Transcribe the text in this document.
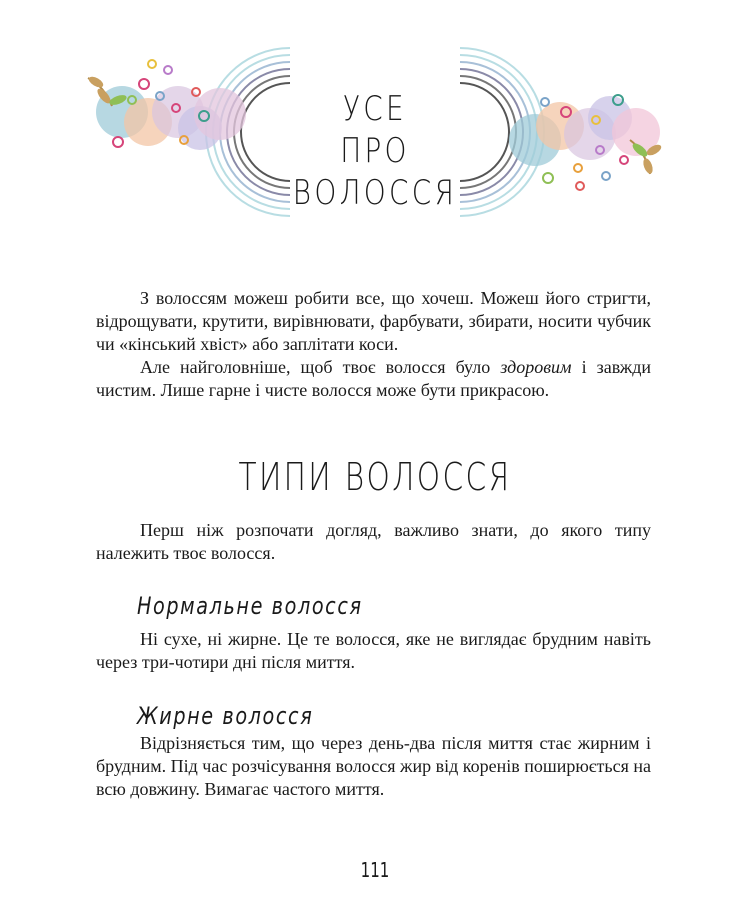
УСЕ
ПРО ВОЛОССЯ

З волоссям можеш робити все, що хочеш. Можеш його стригти, відрощувати, крутити, вирівнювати, фарбувати, збирати, носити чубчик чи «кінський хвіст» або заплітати коси.

Але найголовніше, щоб твоє волосся було здоровим і завжди чистим. Лише гарне і чисте волосся може бути прикрасою.

ТИПИ ВОЛОССЯ

Перш ніж розпочати догляд, важливо знати, до якого типу належить твоє волосся.

Нормальне волосся

Ні сухе, ні жирне. Це те волосся, яке не виглядає брудним навіть через три-чотири дні після миття.

Жирне волосся

Відрізняється тим, що через день-два після миття стає жирним і брудним. Під час розчісування волосся жир від коренів поширюється на всю довжину. Вимагає частого миття.

111
